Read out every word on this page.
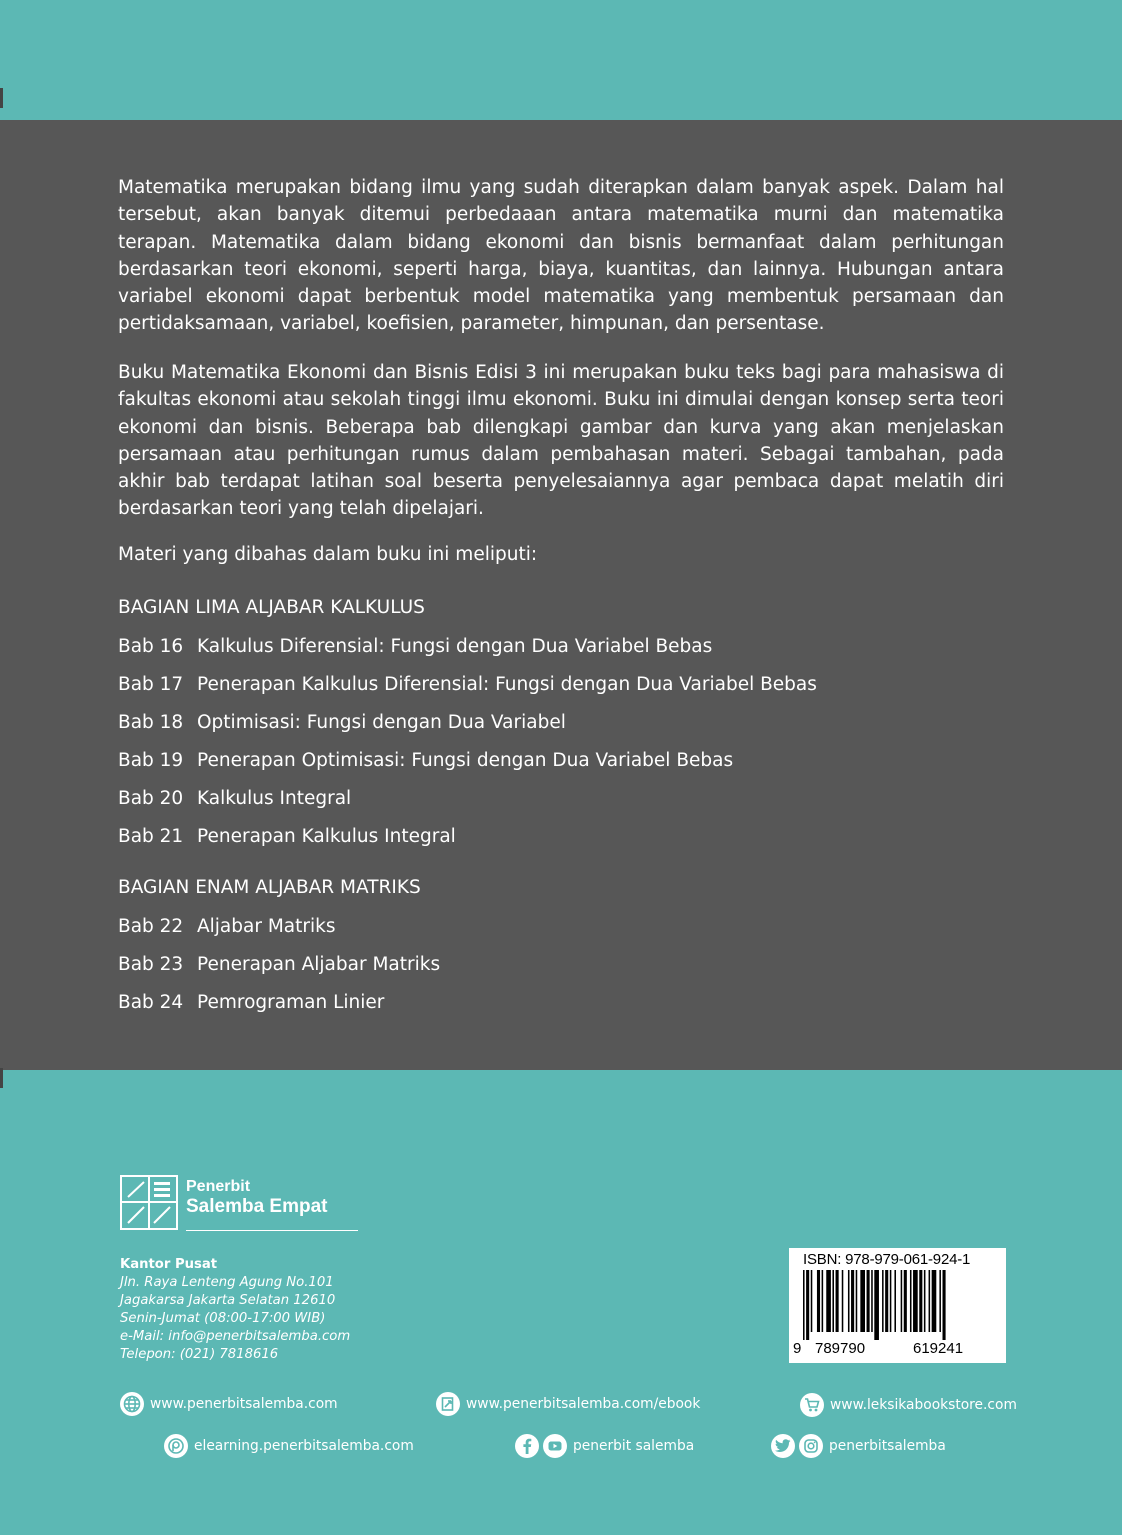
Matematika merupakan bidang ilmu yang sudah diterapkan dalam banyak aspek. Dalam hal tersebut, akan banyak ditemui perbedaaan antara matematika murni dan matematika terapan. Matematika dalam bidang ekonomi dan bisnis bermanfaat dalam perhitungan berdasarkan teori ekonomi, seperti harga, biaya, kuantitas, dan lainnya. Hubungan antara variabel ekonomi dapat berbentuk model matematika yang membentuk persamaan dan pertidaksamaan, variabel, koefisien, parameter, himpunan, dan persentase.

Buku Matematika Ekonomi dan Bisnis Edisi 3 ini merupakan buku teks bagi para mahasiswa di fakultas ekonomi atau sekolah tinggi ilmu ekonomi. Buku ini dimulai dengan konsep serta teori ekonomi dan bisnis. Beberapa bab dilengkapi gambar dan kurva yang akan menjelaskan persamaan atau perhitungan rumus dalam pembahasan materi. Sebagai tambahan, pada akhir bab terdapat latihan soal beserta penyelesaiannya agar pembaca dapat melatih diri berdasarkan teori yang telah dipelajari.

Materi yang dibahas dalam buku ini meliputi:

BAGIAN LIMA ALJABAR KALKULUS

Bab 16 Kalkulus Diferensial: Fungsi dengan Dua Variabel Bebas
Bab 17 Penerapan Kalkulus Diferensial: Fungsi dengan Dua Variabel Bebas
Bab 18 Optimisasi: Fungsi dengan Dua Variabel
Bab 19 Penerapan Optimisasi: Fungsi dengan Dua Variabel Bebas
Bab 20 Kalkulus Integral
Bab 21 Penerapan Kalkulus Integral

BAGIAN ENAM ALJABAR MATRIKS

Bab 22 Aljabar Matriks
Bab 23 Penerapan Aljabar Matriks
Bab 24 Pemrograman Linier
Penerbit
Salemba Empat
Kantor Pusat
Jln. Raya Lenteng Agung No.101
Jagakarsa Jakarta Selatan 12610
Senin-Jumat (08:00-17:00 WIB)
e-Mail: info@penerbitsalemba.com
Telepon: (021) 7818616
ISBN: 978-979-061-924-1
9 789790	619241
www.penerbitsalemba.com	www.penerbitsalemba.com/ebook	www.leksikabookstore.com
elearning.penerbitsalemba.com	penerbit salemba	penerbitsalemba
